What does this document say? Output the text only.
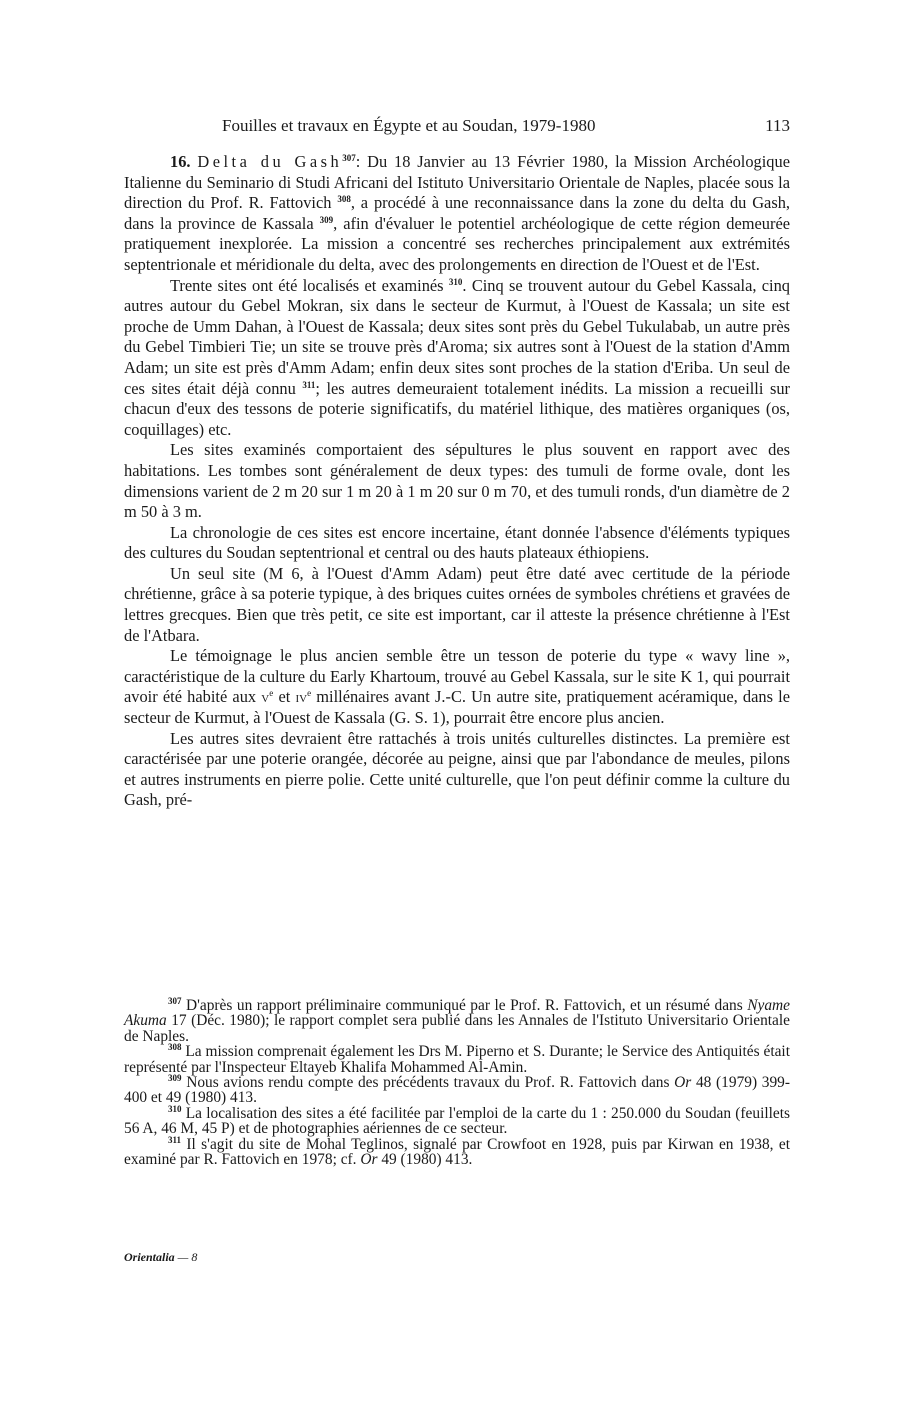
Fouilles et travaux en Égypte et au Soudan, 1979-1980	113

16. Delta du Gash$^{307}$: Du 18 Janvier au 13 Février 1980, la Mission Archéologique Italienne du Seminario di Studi Africani del Istituto Universitario Orientale de Naples, placée sous la direction du Prof. R. Fattovich $^{308}$, a procédé à une reconnaissance dans la zone du delta du Gash, dans la province de Kassala $^{309}$, afin d'évaluer le potentiel archéologique de cette région demeurée pratiquement inexplorée. La mission a concentré ses recherches principalement aux extrémités septentrionale et méridionale du delta, avec des prolongements en direction de l'Ouest et de l'Est.

Trente sites ont été localisés et examinés $^{310}$. Cinq se trouvent autour du Gebel Kassala, cinq autres autour du Gebel Mokran, six dans le secteur de Kurmut, à l'Ouest de Kassala; un site est proche de Umm Dahan, à l'Ouest de Kassala; deux sites sont près du Gebel Tukulabab, un autre près du Gebel Timbieri Tie; un site se trouve près d'Aroma; six autres sont à l'Ouest de la station d'Amm Adam; un site est près d'Amm Adam; enfin deux sites sont proches de la station d'Eriba. Un seul de ces sites était déjà connu $^{311}$; les autres demeuraient totalement inédits. La mission a recueilli sur chacun d'eux des tessons de poterie significatifs, du matériel lithique, des matières organiques (os, coquillages) etc.

Les sites examinés comportaient des sépultures le plus souvent en rapport avec des habitations. Les tombes sont généralement de deux types: des tumuli de forme ovale, dont les dimensions varient de 2 m 20 sur 1 m 20 à 1 m 20 sur 0 m 70, et des tumuli ronds, d'un diamètre de 2 m 50 à 3 m.

La chronologie de ces sites est encore incertaine, étant donnée l'absence d'éléments typiques des cultures du Soudan septentrional et central ou des hauts plateaux éthiopiens.

Un seul site (M 6, à l'Ouest d'Amm Adam) peut être daté avec certitude de la période chrétienne, grâce à sa poterie typique, à des briques cuites ornées de symboles chrétiens et gravées de lettres grecques. Bien que très petit, ce site est important, car il atteste la présence chrétienne à l'Est de l'Atbara.

Le témoignage le plus ancien semble être un tesson de poterie du type « wavy line », caractéristique de la culture du Early Khartoum, trouvé au Gebel Kassala, sur le site K 1, qui pourrait avoir été habité aux $v^e$ et $iv^e$ millénaires avant J.-C. Un autre site, pratiquement acéramique, dans le secteur de Kurmut, à l'Ouest de Kassala (G. S. 1), pourrait être encore plus ancien.

Les autres sites devraient être rattachés à trois unités culturelles distinctes. La première est caractérisée par une poterie orangée, décorée au peigne, ainsi que par l'abondance de meules, pilons et autres instruments en pierre polie. Cette unité culturelle, que l'on peut définir comme la culture du Gash, pré-

$^{307}$ D'après un rapport préliminaire communiqué par le Prof. R. Fattovich, et un résumé dans Nyame Akuma 17 (Déc. 1980); le rapport complet sera publié dans les Annales de l'Istituto Universitario Orientale de Naples.

$^{308}$ La mission comprenait également les Drs M. Piperno et S. Durante; le Service des Antiquités était représenté par l'Inspecteur Eltayeb Khalifa Mohammed Al-Amin.

$^{309}$ Nous avions rendu compte des précédents travaux du Prof. R. Fattovich dans Or 48 (1979) 399-400 et 49 (1980) 413.

$^{310}$ La localisation des sites a été facilitée par l'emploi de la carte du 1 : 250.000 du Soudan (feuillets 56 A, 46 M, 45 P) et de photographies aériennes de ce secteur.

$^{311}$ Il s'agit du site de Mohal Teglinos, signalé par Crowfoot en 1928, puis par Kirwan en 1938, et examiné par R. Fattovich en 1978; cf. Or 49 (1980) 413.

Orientalia — 8
